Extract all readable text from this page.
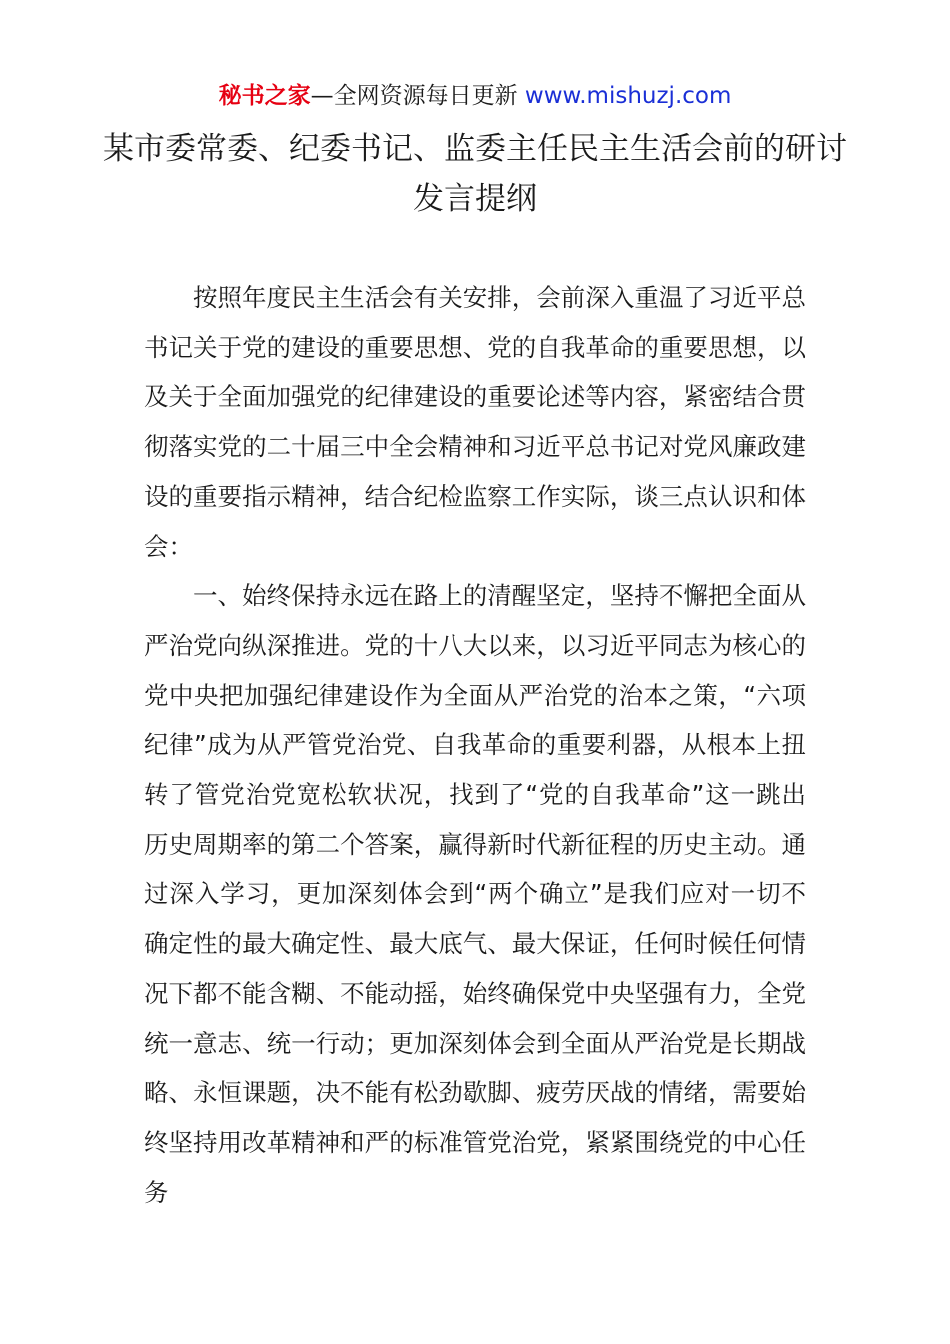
秘书之家—全网资源每日更新 www.mishuzj.com
某市委常委、纪委书记、监委主任民主生活会前的研讨发言提纲

按照年度民主生活会有关安排，会前深入重温了习近平总书记关于党的建设的重要思想、党的自我革命的重要思想，以及关于全面加强党的纪律建设的重要论述等内容，紧密结合贯彻落实党的二十届三中全会精神和习近平总书记对党风廉政建设的重要指示精神，结合纪检监察工作实际，谈三点认识和体会：

一、始终保持永远在路上的清醒坚定，坚持不懈把全面从严治党向纵深推进。党的十八大以来，以习近平同志为核心的党中央把加强纪律建设作为全面从严治党的治本之策，“六项纪律”成为从严管党治党、自我革命的重要利器，从根本上扭转了管党治党宽松软状况，找到了“党的自我革命”这一跳出历史周期率的第二个答案，赢得新时代新征程的历史主动。通过深入学习，更加深刻体会到“两个确立”是我们应对一切不确定性的最大确定性、最大底气、最大保证，任何时候任何情况下都不能含糊、不能动摇，始终确保党中央坚强有力，全党统一意志、统一行动；更加深刻体会到全面从严治党是长期战略、永恒课题，决不能有松劲歇脚、疲劳厌战的情绪，需要始终坚持用改革精神和严的标准管党治党，紧紧围绕党的中心任务
